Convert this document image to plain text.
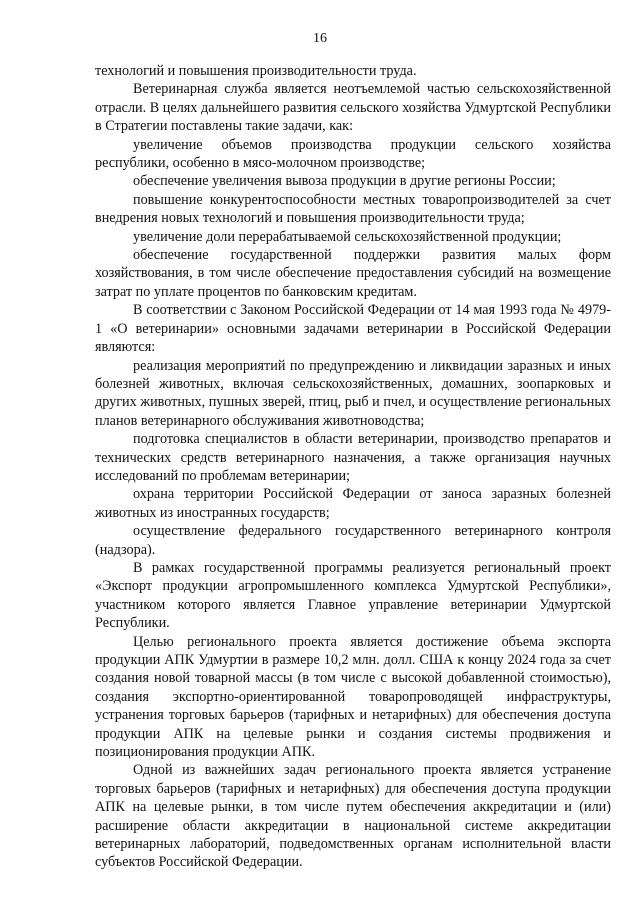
16

технологий и повышения производительности труда.

Ветеринарная служба является неотъемлемой частью сельскохозяйственной отрасли. В целях дальнейшего развития сельского хозяйства Удмуртской Республики в Стратегии поставлены такие задачи, как:

увеличение объемов производства продукции сельского хозяйства республики, особенно в мясо-молочном производстве;

обеспечение увеличения вывоза продукции в другие регионы России;

повышение конкурентоспособности местных товаропроизводителей за счет внедрения новых технологий и повышения производительности труда;

увеличение доли перерабатываемой сельскохозяйственной продукции;

обеспечение государственной поддержки развития малых форм хозяйствования, в том числе обеспечение предоставления субсидий на возмещение затрат по уплате процентов по банковским кредитам.

В соответствии с Законом Российской Федерации от 14 мая 1993 года № 4979-1 «О ветеринарии» основными задачами ветеринарии в Российской Федерации являются:

реализация мероприятий по предупреждению и ликвидации заразных и иных болезней животных, включая сельскохозяйственных, домашних, зоопарковых и других животных, пушных зверей, птиц, рыб и пчел, и осуществление региональных планов ветеринарного обслуживания животноводства;

подготовка специалистов в области ветеринарии, производство препаратов и технических средств ветеринарного назначения, а также организация научных исследований по проблемам ветеринарии;

охрана территории Российской Федерации от заноса заразных болезней животных из иностранных государств;

осуществление федерального государственного ветеринарного контроля (надзора).

В рамках государственной программы реализуется региональный проект «Экспорт продукции агропромышленного комплекса Удмуртской Республики», участником которого является Главное управление ветеринарии Удмуртской Республики.

Целью регионального проекта является достижение объема экспорта продукции АПК Удмуртии в размере 10,2 млн. долл. США к концу 2024 года за счет создания новой товарной массы (в том числе с высокой добавленной стоимостью), создания экспортно-ориентированной товаропроводящей инфраструктуры, устранения торговых барьеров (тарифных и нетарифных) для обеспечения доступа продукции АПК на целевые рынки и создания системы продвижения и позиционирования продукции АПК.

Одной из важнейших задач регионального проекта является устранение торговых барьеров (тарифных и нетарифных) для обеспечения доступа продукции АПК на целевые рынки, в том числе путем обеспечения аккредитации и (или) расширение области аккредитации в национальной системе аккредитации ветеринарных лабораторий, подведомственных органам исполнительной власти субъектов Российской Федерации.
